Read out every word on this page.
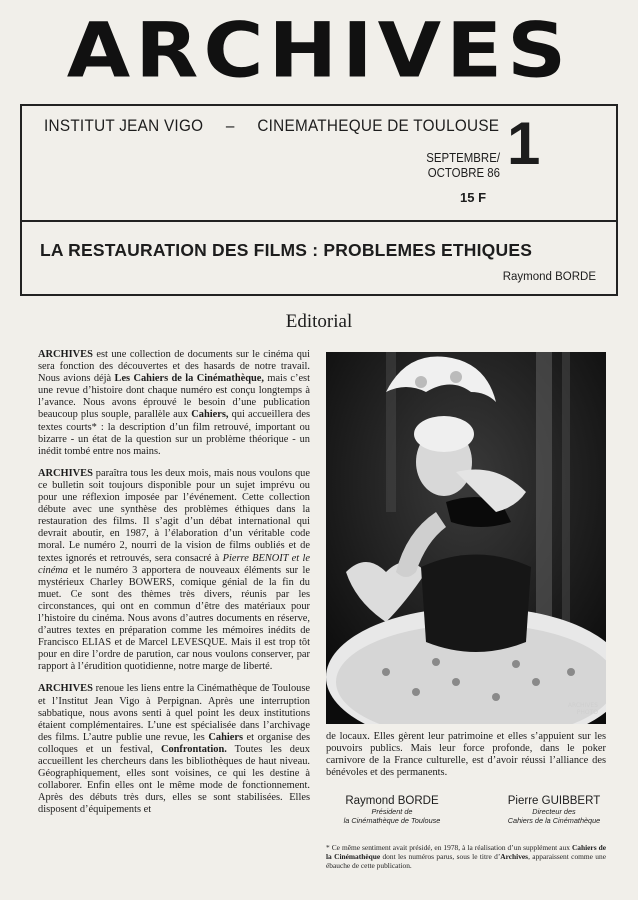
ARCHIVES
INSTITUT JEAN VIGO – CINEMATHEQUE DE TOULOUSE
SEPTEMBRE/
OCTOBRE 86 1
15 F
LA RESTAURATION DES FILMS : PROBLEMES ETHIQUES
Raymond BORDE
Editorial

ARCHIVES est une collection de documents sur le cinéma qui sera fonction des découvertes et des hasards de notre travail. Nous avions déjà Les Cahiers de la Cinémathèque, mais c’est une revue d’histoire dont chaque numéro est conçu longtemps à l’avance. Nous avons éprouvé le besoin d’une publication beaucoup plus souple, parallèle aux Cahiers, qui accueillera des textes courts* : la description d’un film retrouvé, important ou bizarre - un état de la question sur un problème théorique - un inédit tombé entre nos mains.

ARCHIVES paraîtra tous les deux mois, mais nous voulons que ce bulletin soit toujours disponible pour un sujet imprévu ou pour une réflexion imposée par l’événement. Cette collection débute avec une synthèse des problèmes éthiques dans la restauration des films. Il s’agit d’un débat international qui devrait aboutir, en 1987, à l’élaboration d’un véritable code moral. Le numéro 2, nourri de la vision de films oubliés et de textes ignorés et retrouvés, sera consacré à Pierre BENOIT et le cinéma et le numéro 3 apportera de nouveaux éléments sur le mystérieux Charley BOWERS, comique génial de la fin du muet. Ce sont des thèmes très divers, réunis par les circonstances, qui ont en commun d’être des matériaux pour l’histoire du cinéma. Nous avons d’autres documents en réserve, d’autres textes en préparation comme les mémoires inédits de Francisco ELIAS et de Marcel LEVESQUE. Mais il est trop tôt pour en dire l’ordre de parution, car nous voulons conserver, par rapport à l’érudition quotidienne, notre marge de liberté.

ARCHIVES renoue les liens entre la Cinémathèque de Toulouse et l’Institut Jean Vigo à Perpignan. Après une interruption sabbatique, nous avons senti à quel point les deux institutions étaient complémentaires. L’une est spécialisée dans l’archivage des films. L’autre publie une revue, les Cahiers et organise des colloques et un festival, Confrontation. Toutes les deux accueillent les chercheurs dans les bibliothèques de haut niveau. Géographiquement, elles sont voisines, ce qui les destine à collaborer. Enfin elles ont le même mode de fonctionnement. Après des débuts très durs, elles se sont stabilisées. Elles disposent d’équipements et

ARCHIVES
PHOTO

de locaux. Elles gèrent leur patrimoine et elles s’appuient sur les pouvoirs publics. Mais leur force profonde, dans le poker carnivore de la France culturelle, est d’avoir réussi l’alliance des bénévoles et des permanents.

Raymond BORDE
Président de
la Cinémathèque de Toulouse
Pierre GUIBBERT
Directeur des
Cahiers de la Cinémathèque
* Ce même sentiment avait présidé, en 1978, à la réalisation d’un supplément aux Cahiers de la Cinémathèque dont les numéros parus, sous le titre d’Archives, apparaissent comme une ébauche de cette publication.
